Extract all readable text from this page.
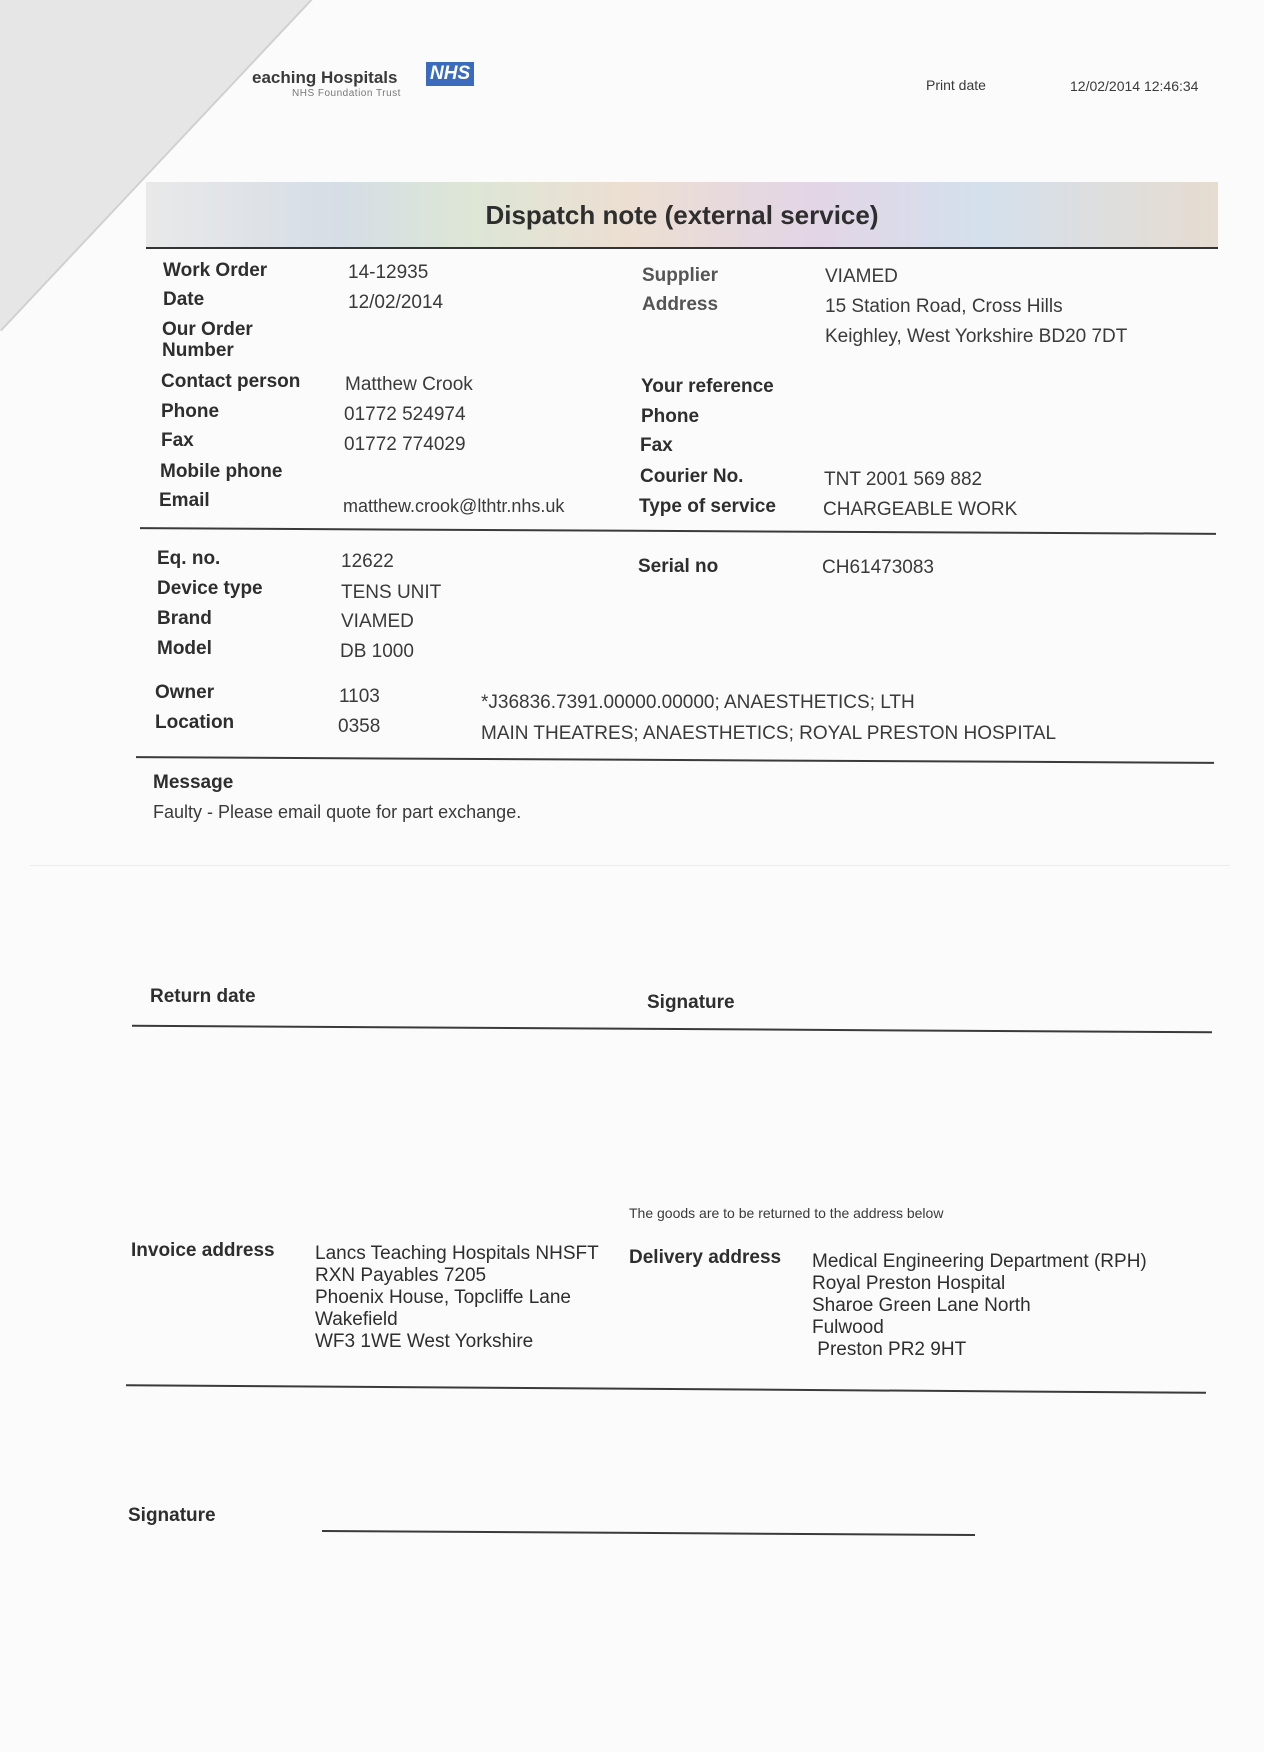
eaching Hospitals
NHS Foundation Trust
NHS
Print date	12/02/2014 12:46:34
Dispatch note (external service)
Work Order	14-12935
Date	12/02/2014
Our Order
Number
Contact person Matthew Crook
Phone	01772 524974
Fax	01772 774029
Mobile phone
Email	matthew.crook@lthtr.nhs.uk
Supplier	VIAMED
Address	15 Station Road, Cross Hills
Keighley, West Yorkshire BD20 7DT
Your reference
Phone
Fax
Courier No.	TNT 2001 569 882
Type of service CHARGEABLE WORK
Eq. no.	12622
Device type	TENS UNIT
Brand	VIAMED
Model	DB 1000
Serial no	CH61473083
Owner	1103	*J36836.7391.00000.00000; ANAESTHETICS; LTH
Location	0358	MAIN THEATRES; ANAESTHETICS; ROYAL PRESTON HOSPITAL
Message
Faulty - Please email quote for part exchange.
Return date	Signature
The goods are to be returned to the address below
Invoice address Lancs Teaching Hospitals NHSFT
RXN Payables 7205
Phoenix House, Topcliffe Lane
Wakefield
WF3 1WE West Yorkshire
Delivery address Medical Engineering Department (RPH)
Royal Preston Hospital
Sharoe Green Lane North
Fulwood
Preston PR2 9HT
Signature
